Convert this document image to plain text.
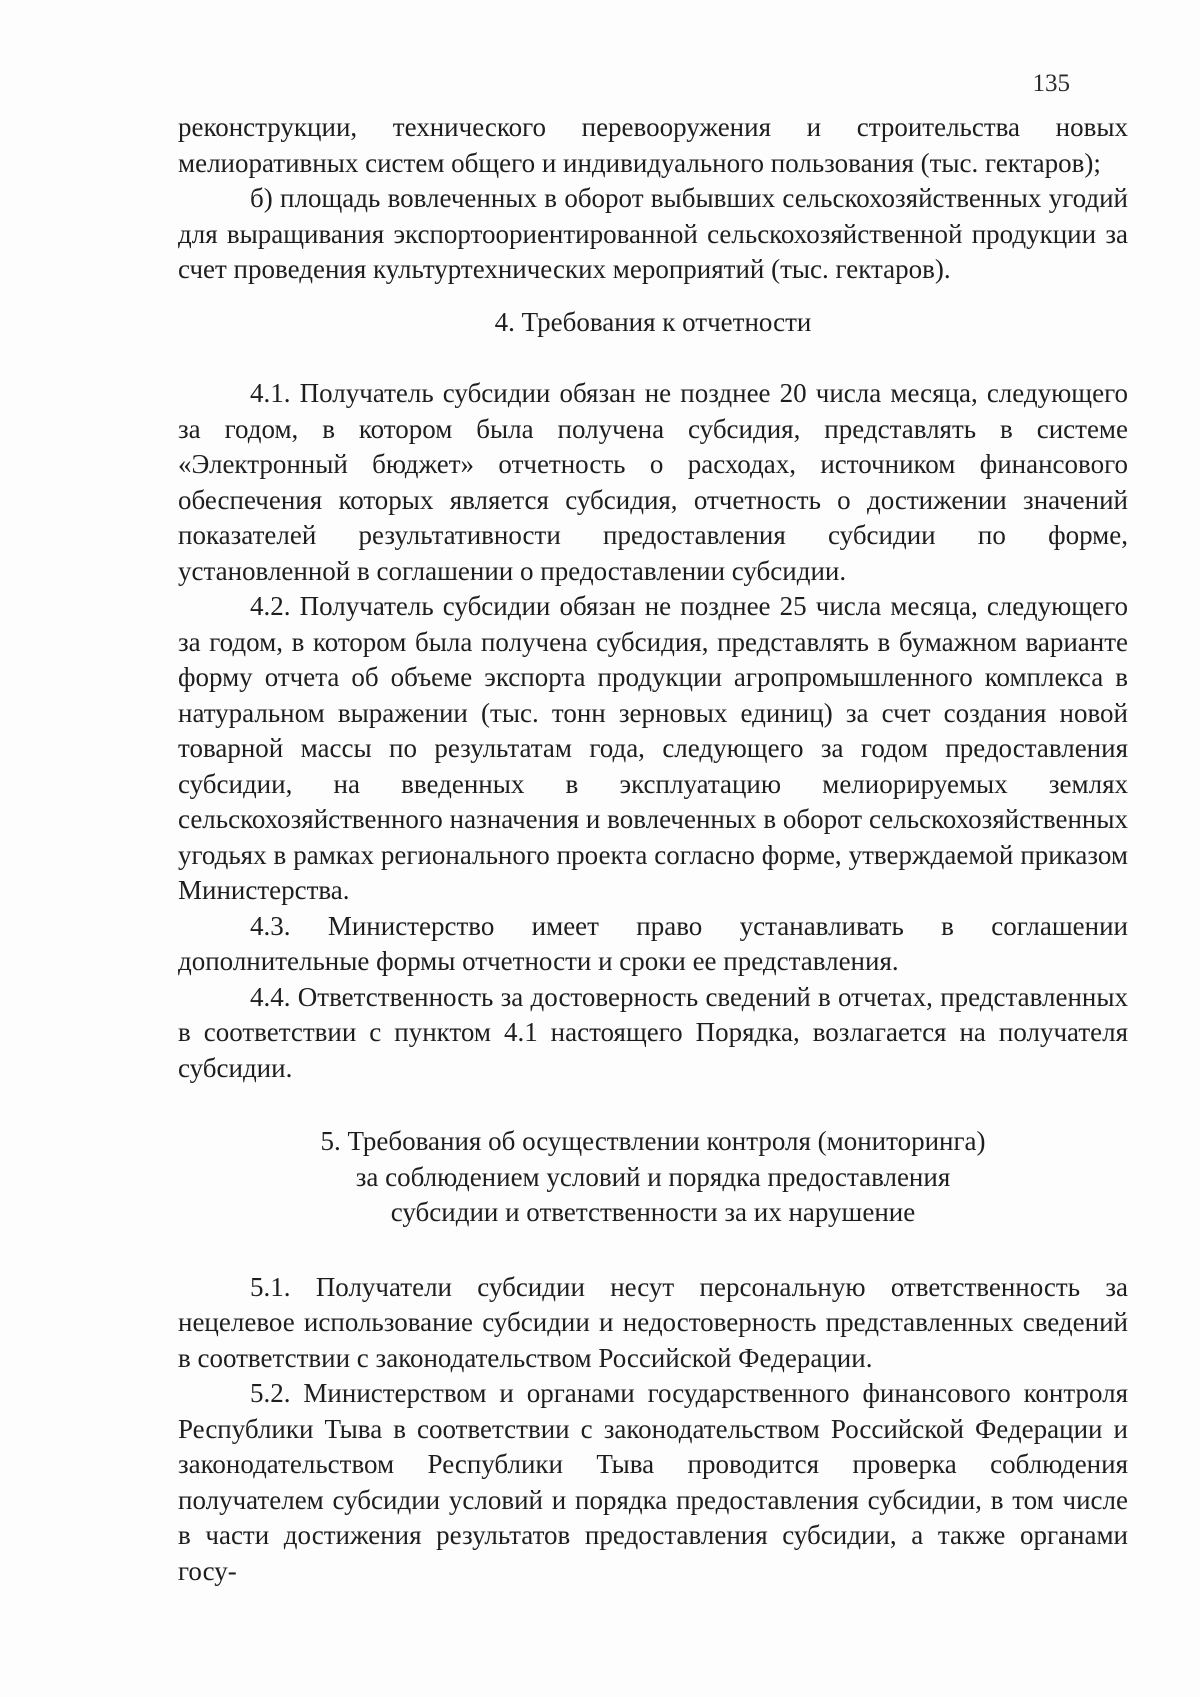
135

реконструкции, технического перевооружения и строительства новых мелиоративных систем общего и индивидуального пользования (тыс. гектаров);

б) площадь вовлеченных в оборот выбывших сельскохозяйственных угодий для выращивания экспортоориентированной сельскохозяйственной продукции за счет проведения культуртехнических мероприятий (тыс. гектаров).

4. Требования к отчетности

4.1. Получатель субсидии обязан не позднее 20 числа месяца, следующего за годом, в котором была получена субсидия, представлять в системе «Электронный бюджет» отчетность о расходах, источником финансового обеспечения которых является субсидия, отчетность о достижении значений показателей результативности предоставления субсидии по форме, установленной в соглашении о предоставлении субсидии.

4.2. Получатель субсидии обязан не позднее 25 числа месяца, следующего за годом, в котором была получена субсидия, представлять в бумажном варианте форму отчета об объеме экспорта продукции агропромышленного комплекса в натуральном выражении (тыс. тонн зерновых единиц) за счет создания новой товарной массы по результатам года, следующего за годом предоставления субсидии, на введенных в эксплуатацию мелиорируемых землях сельскохозяйственного назначения и вовлеченных в оборот сельскохозяйственных угодьях в рамках регионального проекта согласно форме, утверждаемой приказом Министерства.

4.3. Министерство имеет право устанавливать в соглашении дополнительные формы отчетности и сроки ее представления.

4.4. Ответственность за достоверность сведений в отчетах, представленных в соответствии с пунктом 4.1 настоящего Порядка, возлагается на получателя субсидии.

5. Требования об осуществлении контроля (мониторинга)
за соблюдением условий и порядка предоставления
субсидии и ответственности за их нарушение

5.1. Получатели субсидии несут персональную ответственность за нецелевое использование субсидии и недостоверность представленных сведений в соответствии с законодательством Российской Федерации.

5.2. Министерством и органами государственного финансового контроля Республики Тыва в соответствии с законодательством Российской Федерации и законодательством Республики Тыва проводится проверка соблюдения получателем субсидии условий и порядка предоставления субсидии, в том числе в части достижения результатов предоставления субсидии, а также органами госу-
